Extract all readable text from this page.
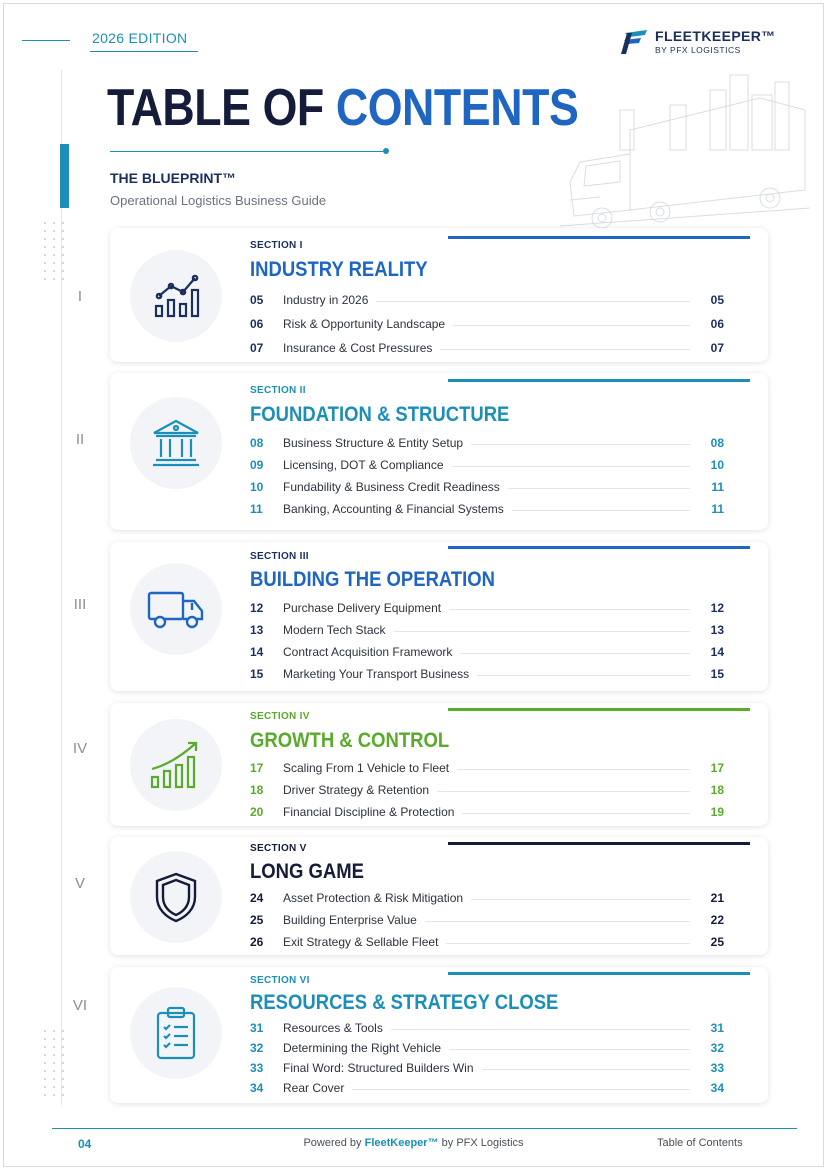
2026 EDITION	FLEETKEEPER™
BY PFX LOGISTICS
TABLE OF CONTENTS
THE BLUEPRINT™
Operational Logistics Business Guide
I
II
III
IV
V
VI
SECTION I
INDUSTRY REALITY
05	Industry in 2026	05
06	Risk & Opportunity Landscape	06
07	Insurance & Cost Pressures	07
SECTION II
FOUNDATION & STRUCTURE
08	Business Structure & Entity Setup	08
09	Licensing, DOT & Compliance	10
10	Fundability & Business Credit Readiness	11
11	Banking, Accounting & Financial Systems	11
SECTION III
BUILDING THE OPERATION
12	Purchase Delivery Equipment	12
13	Modern Tech Stack	13
14	Contract Acquisition Framework	14
15	Marketing Your Transport Business	15
SECTION IV
GROWTH & CONTROL
17	Scaling From 1 Vehicle to Fleet	17
18	Driver Strategy & Retention	18
20	Financial Discipline & Protection	19
SECTION V
LONG GAME
24	Asset Protection & Risk Mitigation	21
25	Building Enterprise Value	22
26	Exit Strategy & Sellable Fleet	25
SECTION VI
RESOURCES & STRATEGY CLOSE
31	Resources & Tools	31
32	Determining the Right Vehicle	32
33	Final Word: Structured Builders Win	33
34	Rear Cover	34
04	Powered by FleetKeeper™ by PFX Logistics	Table of Contents
